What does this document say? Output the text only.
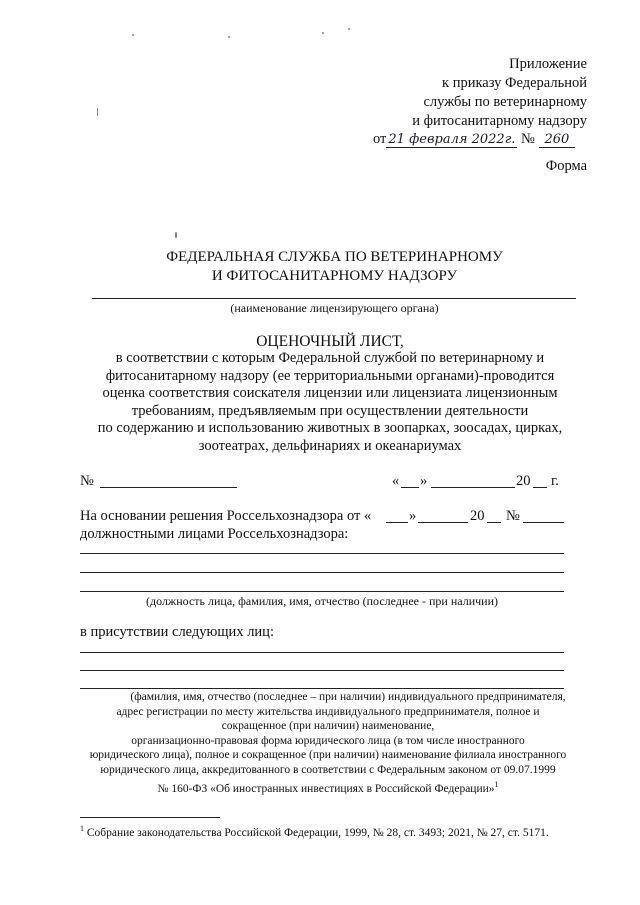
Приложение
к приказу Федеральной
службы по ветеринарному
и фитосанитарному надзору
от 21 февраля 2022г. № 260
Форма
ФЕДЕРАЛЬНАЯ СЛУЖБА ПО ВЕТЕРИНАРНОМУ
И ФИТОСАНИТАРНОМУ НАДЗОРУ
(наименование лицензирующего органа)
ОЦЕНОЧНЫЙ ЛИСТ,
в соответствии с которым Федеральной службой по ветеринарному и
фитосанитарному надзору (ее территориальными органами)-проводится
оценка соответствия соискателя лицензии или лицензиата лицензионным
требованиям, предъявляемым при осуществлении деятельности
по содержанию и использованию животных в зоопарках, зоосадах, цирках,
зоотеатрах, дельфинариях и океанариумах
№	« »	20 г.
На основании решения Россельхознадзора от «	»	20 №
должностными лицами Россельхознадзора:
(должность лица, фамилия, имя, отчество (последнее - при наличии)
в присутствии следующих лиц:
(фамилия, имя, отчество (последнее – при наличии) индивидуального предпринимателя,
адрес регистрации по месту жительства индивидуального предпринимателя, полное и
сокращенное (при наличии) наименование,
организационно-правовая форма юридического лица (в том числе иностранного
юридического лица), полное и сокращенное (при наличии) наименование филиала иностранного
юридического лица, аккредитованного в соответствии с Федеральным законом от 09.07.1999
№ 160-ФЗ «Об иностранных инвестициях в Российской Федерации»$^1$
$^1$ Собрание законодательства Российской Федерации, 1999, № 28, ст. 3493; 2021, № 27, ст. 5171.
